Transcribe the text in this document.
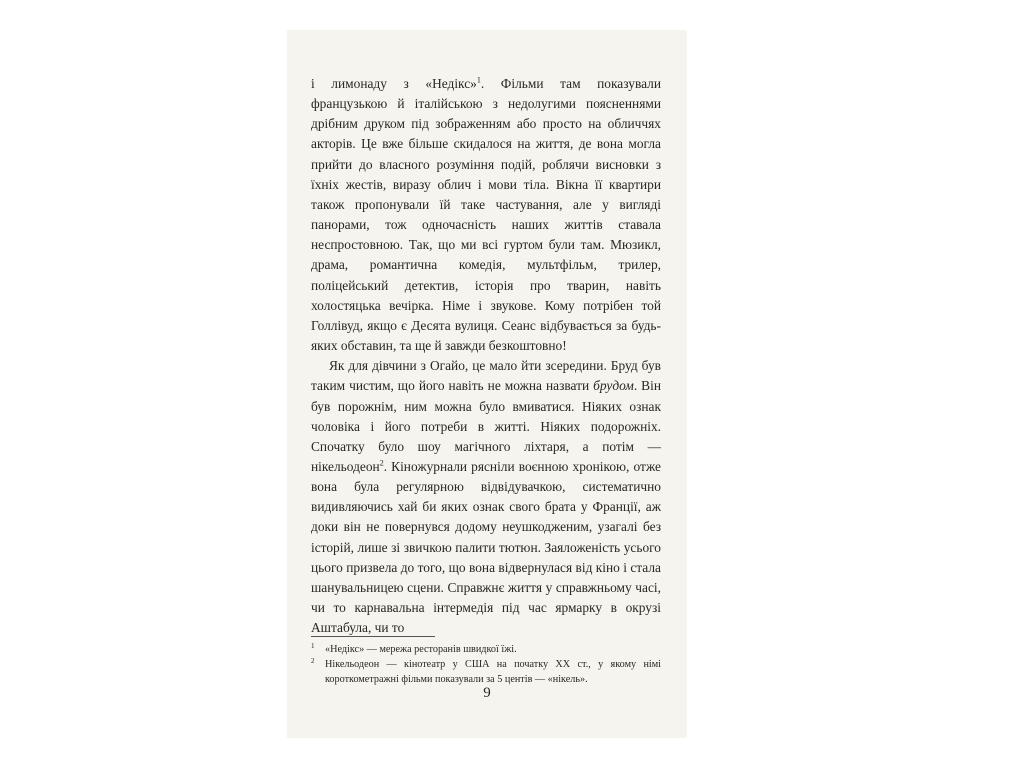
і лимонаду з «Недікс»$^1$. Фільми там показували французькою й італійською з недолугими поясненнями дрібним друком під зображенням або просто на обличчях акторів. Це вже більше скидалося на життя, де вона могла прийти до власного розуміння подій, роблячи висновки з їхніх жестів, виразу облич і мови тіла. Вікна її квартири також пропонували їй таке частування, але у вигляді панорами, тож одночасність наших життів ставала неспростовною. Так, що ми всі гуртом були там. Мюзикл, драма, романтична комедія, мультфільм, трилер, поліцейський детектив, історія про тварин, навіть холостяцька вечірка. Німе і звукове. Кому потрібен той Голлівуд, якщо є Десята вулиця. Сеанс відбувається за будь-яких обставин, та ще й завжди безкоштовно!

Як для дівчини з Огайо, це мало йти зсередини. Бруд був таким чистим, що його навіть не можна назвати брудом. Він був порожнім, ним можна було вмиватися. Ніяких ознак чоловіка і його потреби в житті. Ніяких подорожніх. Спочатку було шоу магічного ліхтаря, а потім — нікельодеон$^2$. Кіножурнали рясніли воєнною хронікою, отже вона була регулярною відвідувачкою, систематично видивляючись хай би яких ознак свого брата у Франції, аж доки він не повернувся додому неушкодженим, узагалі без історій, лише зі звичкою палити тютюн. Заяложеність усього цього призвела до того, що вона відвернулася від кіно і стала шанувальницею сцени. Справжнє життя у справжньому часі, чи то карнавальна інтермедія під час ярмарку в окрузі Аштабула, чи то

1 «Недікс» — мережа ресторанів швидкої їжі.
2 Нікельодеон — кінотеатр у США на початку XX ст., у якому німі короткометражні фільми показували за 5 центів — «нікель».
9
